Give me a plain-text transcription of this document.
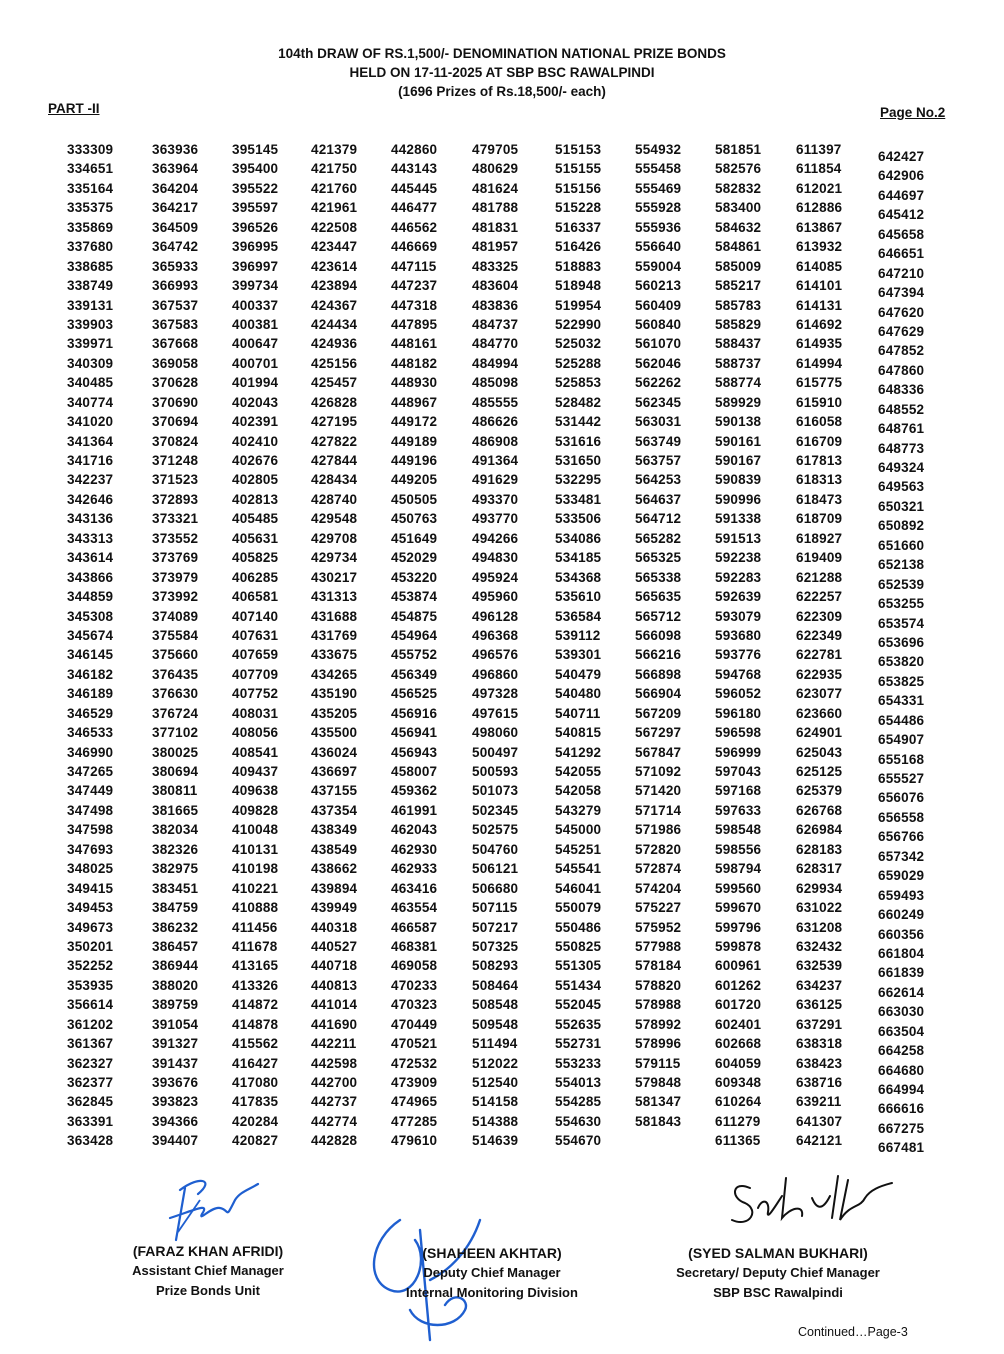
104th DRAW OF RS.1,500/- DENOMINATION NATIONAL PRIZE BONDS
HELD ON 17-11-2025 AT SBP BSC RAWALPINDI
(1696 Prizes of Rs.18,500/- each)
PART -II	Page No.2
333309
334651
335164
335375
335869
337680
338685
338749
339131
339903
339971
340309
340485
340774
341020
341364
341716
342237
342646
343136
343313
343614
343866
344859
345308
345674
346145
346182
346189
346529
346533
346990
347265
347449
347498
347598
347693
348025
349415
349453
349673
350201
352252
353935
356614
361202
361367
362327
362377
362845
363391
363428
363936
363964
364204
364217
364509
364742
365933
366993
367537
367583
367668
369058
370628
370690
370694
370824
371248
371523
372893
373321
373552
373769
373979
373992
374089
375584
375660
376435
376630
376724
377102
380025
380694
380811
381665
382034
382326
382975
383451
384759
386232
386457
386944
388020
389759
391054
391327
391437
393676
393823
394366
394407
395145
395400
395522
395597
396526
396995
396997
399734
400337
400381
400647
400701
401994
402043
402391
402410
402676
402805
402813
405485
405631
405825
406285
406581
407140
407631
407659
407709
407752
408031
408056
408541
409437
409638
409828
410048
410131
410198
410221
410888
411456
411678
413165
413326
414872
414878
415562
416427
417080
417835
420284
420827
421379
421750
421760
421961
422508
423447
423614
423894
424367
424434
424936
425156
425457
426828
427195
427822
427844
428434
428740
429548
429708
429734
430217
431313
431688
431769
433675
434265
435190
435205
435500
436024
436697
437155
437354
438349
438549
438662
439894
439949
440318
440527
440718
440813
441014
441690
442211
442598
442700
442737
442774
442828
442860
443143
445445
446477
446562
446669
447115
447237
447318
447895
448161
448182
448930
448967
449172
449189
449196
449205
450505
450763
451649
452029
453220
453874
454875
454964
455752
456349
456525
456916
456941
456943
458007
459362
461991
462043
462930
462933
463416
463554
466587
468381
469058
470233
470323
470449
470521
472532
473909
474965
477285
479610
479705
480629
481624
481788
481831
481957
483325
483604
483836
484737
484770
484994
485098
485555
486626
486908
491364
491629
493370
493770
494266
494830
495924
495960
496128
496368
496576
496860
497328
497615
498060
500497
500593
501073
502345
502575
504760
506121
506680
507115
507217
507325
508293
508464
508548
509548
511494
512022
512540
514158
514388
514639
515153
515155
515156
515228
516337
516426
518883
518948
519954
522990
525032
525288
525853
528482
531442
531616
531650
532295
533481
533506
534086
534185
534368
535610
536584
539112
539301
540479
540480
540711
540815
541292
542055
542058
543279
545000
545251
545541
546041
550079
550486
550825
551305
551434
552045
552635
552731
553233
554013
554285
554630
554670
554932
555458
555469
555928
555936
556640
559004
560213
560409
560840
561070
562046
562262
562345
563031
563749
563757
564253
564637
564712
565282
565325
565338
565635
565712
566098
566216
566898
566904
567209
567297
567847
571092
571420
571714
571986
572820
572874
574204
575227
575952
577988
578184
578820
578988
578992
578996
579115
579848
581347
581843
581851
582576
582832
583400
584632
584861
585009
585217
585783
585829
588437
588737
588774
589929
590138
590161
590167
590839
590996
591338
591513
592238
592283
592639
593079
593680
593776
594768
596052
596180
596598
596999
597043
597168
597633
598548
598556
598794
599560
599670
599796
599878
600961
601262
601720
602401
602668
604059
609348
610264
611279
611365
611397
611854
612021
612886
613867
613932
614085
614101
614131
614692
614935
614994
615775
615910
616058
616709
617813
618313
618473
618709
618927
619409
621288
622257
622309
622349
622781
622935
623077
623660
624901
625043
625125
625379
626768
626984
628183
628317
629934
631022
631208
632432
632539
634237
636125
637291
638318
638423
638716
639211
641307
642121
642427
642906
644697
645412
645658
646651
647210
647394
647620
647629
647852
647860
648336
648552
648761
648773
649324
649563
650321
650892
651660
652138
652539
653255
653574
653696
653820
653825
654331
654486
654907
655168
655527
656076
656558
656766
657342
659029
659493
660249
660356
661804
661839
662614
663030
663504
664258
664680
664994
666616
667275
667481
(FARAZ KHAN AFRIDI)
Assistant Chief Manager
Prize Bonds Unit
(SHAHEEN AKHTAR)
Deputy Chief Manager
Internal Monitoring Division
(SYED SALMAN BUKHARI)
Secretary/ Deputy Chief Manager
SBP BSC Rawalpindi
Continued…Page-3
